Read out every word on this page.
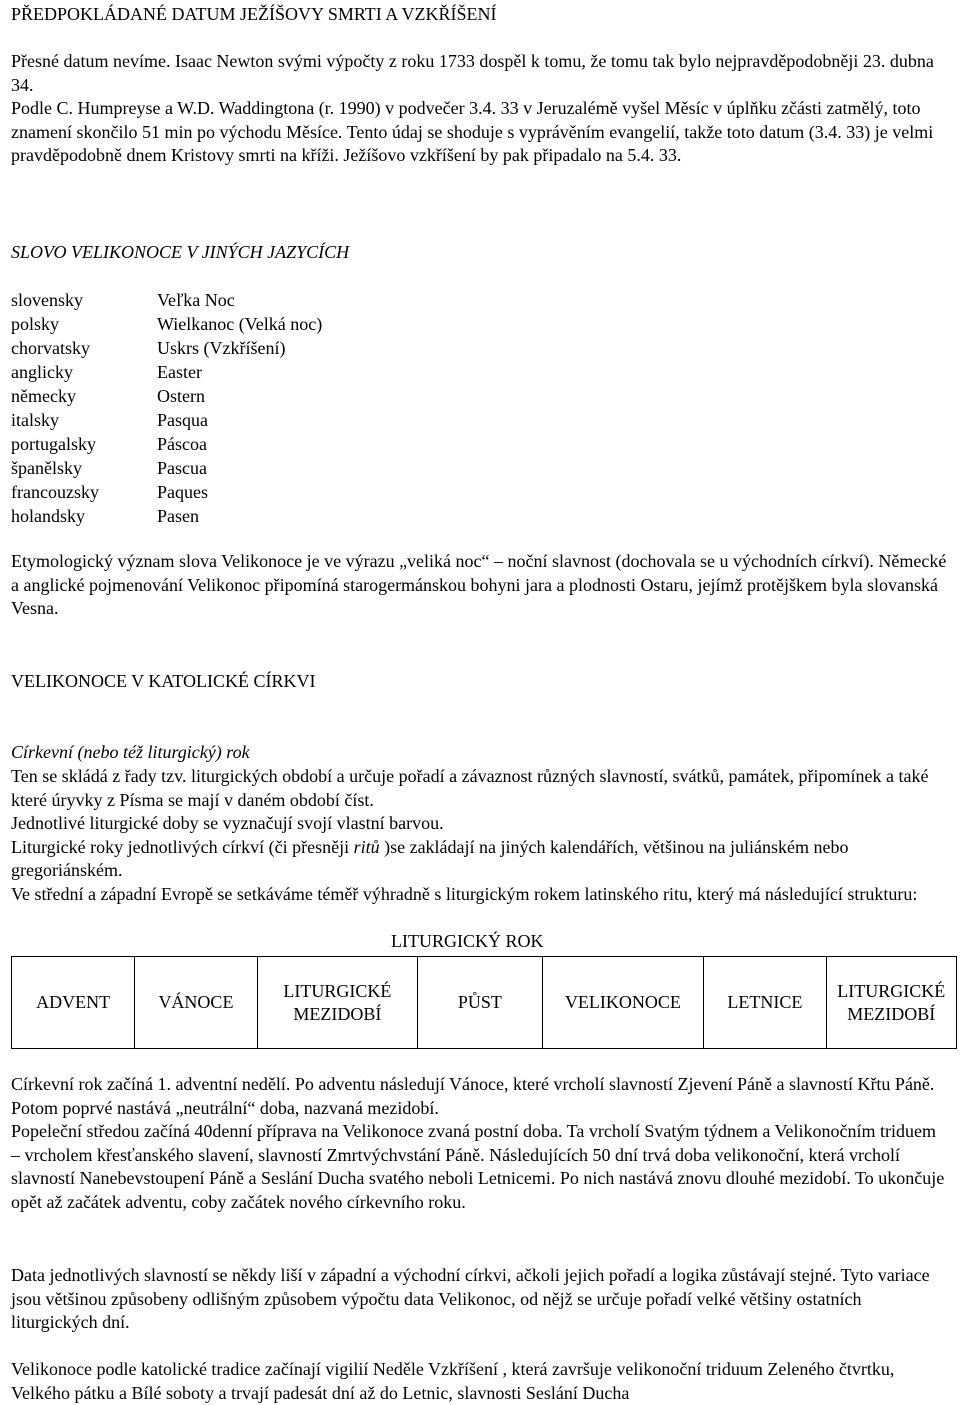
PŘEDPOKLÁDANÉ DATUM JEŽÍŠOVY SMRTI A VZKŘÍŠENÍ

Přesné datum nevíme. Isaac Newton svými výpočty z roku 1733 dospěl k tomu, že tomu tak bylo nejpravděpodobněji 23. dubna 34.

Podle C. Humpreyse a W.D. Waddingtona (r. 1990) v podvečer 3.4. 33 v Jeruzalémě vyšel Měsíc v úplňku zčásti zatmělý, toto znamení skončilo 51 min po východu Měsíce. Tento údaj se shoduje s vyprávěním evangelií, takže toto datum (3.4. 33) je velmi pravděpodobně dnem Kristovy smrti na kříži. Ježíšovo vzkříšení by pak připadalo na 5.4. 33.

SLOVO VELIKONOCE V JINÝCH JAZYCÍCH

slovensky	Veľka Noc
polsky	Wielkanoc (Velká noc)
chorvatsky	Uskrs (Vzkříšení)
anglicky	Easter
německy	Ostern
italsky	Pasqua
portugalsky	Páscoa
španělsky	Pascua
francouzsky	Paques
holandsky	Pasen

Etymologický význam slova Velikonoce je ve výrazu „veliká noc“ – noční slavnost (dochovala se u východních církví). Německé a anglické pojmenování Velikonoc připomíná starogermánskou bohyni jara a plodnosti Ostaru, jejímž protějškem byla slovanská Vesna.

VELIKONOCE V KATOLICKÉ CÍRKVI

Církevní (nebo též liturgický) rok

Ten se skládá z řady tzv. liturgických období a určuje pořadí a závaznost různých slavností, svátků, památek, připomínek a také které úryvky z Písma se mají v daném období číst.

Jednotlivé liturgické doby se vyznačují svojí vlastní barvou.

Liturgické roky jednotlivých církví (či přesněji ritů )se zakládají na jiných kalendářích, většinou na juliánském nebo gregoriánském.

Ve střední a západní Evropě se setkáváme téměř výhradně s liturgickým rokem latinského ritu, který má následující strukturu:

LITURGICKÝ ROK
ADVENT	VÁNOCE	LITURGICKÉ MEZIDOBÍ	PŮST	VELIKONOCE	LETNICE	LITURGICKÉ MEZIDOBÍ

Církevní rok začíná 1. adventní nedělí. Po adventu následují Vánoce, které vrcholí slavností Zjevení Páně a slavností Křtu Páně. Potom poprvé nastává „neutrální“ doba, nazvaná mezidobí.

Popeleční středou začíná 40denní příprava na Velikonoce zvaná postní doba. Ta vrcholí Svatým týdnem a Velikonočním triduem – vrcholem křesťanského slavení, slavností Zmrtvýchvstání Páně. Následujících 50 dní trvá doba velikonoční, která vrcholí slavností Nanebevstoupení Páně a Seslání Ducha svatého neboli Letnicemi. Po nich nastává znovu dlouhé mezidobí. To ukončuje opět až začátek adventu, coby začátek nového církevního roku.

Data jednotlivých slavností se někdy liší v západní a východní církvi, ačkoli jejich pořadí a logika zůstávají stejné. Tyto variace jsou většinou způsobeny odlišným způsobem výpočtu data Velikonoc, od nějž se určuje pořadí velké většiny ostatních liturgických dní.

Velikonoce podle katolické tradice začínají vigilií Neděle Vzkříšení , která završuje velikonoční triduum Zeleného čtvrtku, Velkého pátku a Bílé soboty a trvají padesát dní až do Letnic, slavnosti Seslání Ducha
